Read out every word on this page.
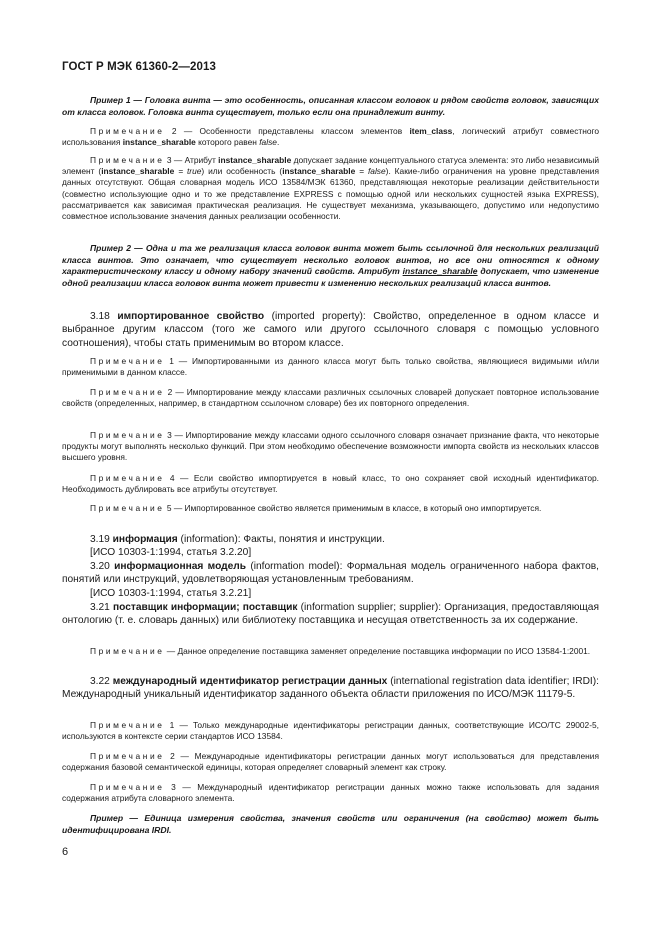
ГОСТ Р МЭК 61360-2—2013

Пример 1 — Головка винта — это особенность, описанная классом головок и рядом свойств головок, зависящих от класса головок. Головка винта существует, только если она принадлежит винту.

Примечание 2 — Особенности представлены классом элементов item_class, логический атрибут совместного использования instance_sharable которого равен false.

Примечание 3 — Атрибут instance_sharable допускает задание концептуального статуса элемента: это либо независимый элемент (instance_sharable = true) или особенность (instance_sharable = false). Какие-либо ограничения на уровне представления данных отсутствуют. Общая словарная модель ИСО 13584/МЭК 61360, представляющая некоторые реализации действительности (совместно использующие одно и то же представление EXPRESS с помощью одной или нескольких сущностей языка EXPRESS), рассматривается как зависимая практическая реализация. Не существует механизма, указывающего, допустимо или недопустимо совместное использование значения данных реализации особенности.

Пример 2 — Одна и та же реализация класса головок винта может быть ссылочной для нескольких реализаций класса винтов. Это означает, что существует несколько головок винтов, но все они относятся к одному характеристическому классу и одному набору значений свойств. Атрибут instance_sharable допускает, что изменение одной реализации класса головок винта может привести к изменению нескольких реализаций класса винтов.

3.18 импортированное свойство (imported property): Свойство, определенное в одном классе и выбранное другим классом (того же самого или другого ссылочного словаря с помощью условного соотношения), чтобы стать применимым во втором классе.

Примечание 1 — Импортированными из данного класса могут быть только свойства, являющиеся видимыми и/или применимыми в данном классе.

Примечание 2 — Импортирование между классами различных ссылочных словарей допускает повторное использование свойств (определенных, например, в стандартном ссылочном словаре) без их повторного определения.

Примечание 3 — Импортирование между классами одного ссылочного словаря означает признание факта, что некоторые продукты могут выполнять несколько функций. При этом необходимо обеспечение возможности импорта свойств из нескольких классов высшего уровня.

Примечание 4 — Если свойство импортируется в новый класс, то оно сохраняет свой исходный идентификатор. Необходимость дублировать все атрибуты отсутствует.

Примечание 5 — Импортированное свойство является применимым в классе, в который оно импортируется.

3.19 информация (information): Факты, понятия и инструкции.

[ИСО 10303-1:1994, статья 3.2.20]

3.20 информационная модель (information model): Формальная модель ограниченного набора фактов, понятий или инструкций, удовлетворяющая установленным требованиям.

[ИСО 10303-1:1994, статья 3.2.21]

3.21 поставщик информации; поставщик (information supplier; supplier): Организация, предоставляющая онтологию (т. е. словарь данных) или библиотеку поставщика и несущая ответственность за их содержание.

Примечание — Данное определение поставщика заменяет определение поставщика информации по ИСО 13584-1:2001.

3.22 международный идентификатор регистрации данных (international registration data identifier; IRDI): Международный уникальный идентификатор заданного объекта области приложения по ИСО/МЭК 11179-5.

Примечание 1 — Только международные идентификаторы регистрации данных, соответствующие ИСО/ТС 29002-5, используются в контексте серии стандартов ИСО 13584.

Примечание 2 — Международные идентификаторы регистрации данных могут использоваться для представления содержания базовой семантической единицы, которая определяет словарный элемент как строку.

Примечание 3 — Международный идентификатор регистрации данных можно также использовать для задания содержания атрибута словарного элемента.

Пример — Единица измерения свойства, значения свойств или ограничения (на свойство) может быть идентифицирована IRDI.

6
